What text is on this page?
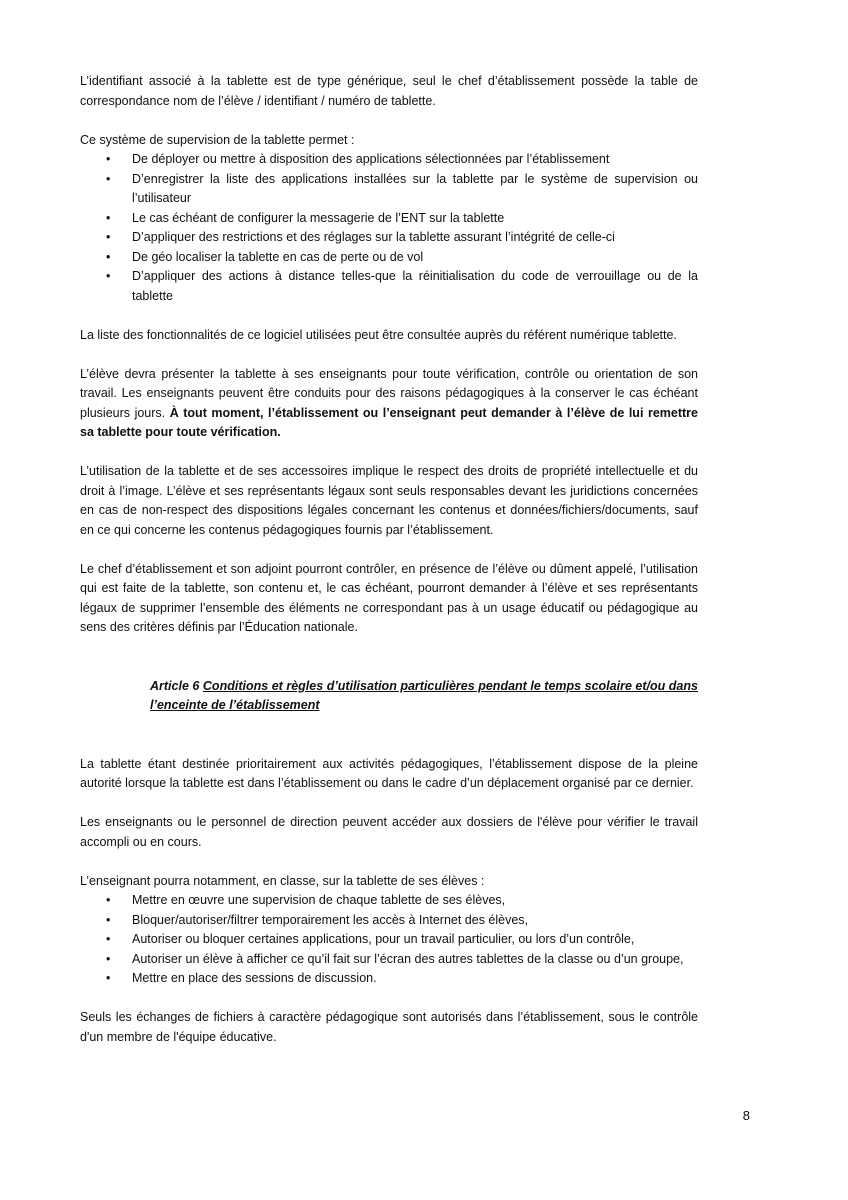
L’identifiant associé à la tablette est de type générique, seul le chef d’établissement possède la table de correspondance nom de l’élève / identifiant / numéro de tablette.

Ce système de supervision de la tablette permet :

• De déployer ou mettre à disposition des applications sélectionnées par l’établissement
• D’enregistrer la liste des applications installées sur la tablette par le système de supervision ou l’utilisateur
• Le cas échéant de configurer la messagerie de l’ENT sur la tablette
• D’appliquer des restrictions et des réglages sur la tablette assurant l’intégrité de celle-ci
• De géo localiser la tablette en cas de perte ou de vol
• D’appliquer des actions à distance telles-que la réinitialisation du code de verrouillage ou de la tablette

La liste des fonctionnalités de ce logiciel utilisées peut être consultée auprès du référent numérique tablette.

L’élève devra présenter la tablette à ses enseignants pour toute vérification, contrôle ou orientation de son travail. Les enseignants peuvent être conduits pour des raisons pédagogiques à la conserver le cas échéant plusieurs jours. À tout moment, l’établissement ou l’enseignant peut demander à l’élève de lui remettre sa tablette pour toute vérification.

L’utilisation de la tablette et de ses accessoires implique le respect des droits de propriété intellectuelle et du droit à l’image. L’élève et ses représentants légaux sont seuls responsables devant les juridictions concernées en cas de non-respect des dispositions légales concernant les contenus et données/fichiers/documents, sauf en ce qui concerne les contenus pédagogiques fournis par l’établissement.

Le chef d’établissement et son adjoint pourront contrôler, en présence de l’élève ou dûment appelé, l’utilisation qui est faite de la tablette, son contenu et, le cas échéant, pourront demander à l’élève et ses représentants légaux de supprimer l’ensemble des éléments ne correspondant pas à un usage éducatif ou pédagogique au sens des critères définis par l’Éducation nationale.

Article 6 Conditions et règles d’utilisation particulières pendant le temps scolaire et/ou dans l’enceinte de l’établissement

La tablette étant destinée prioritairement aux activités pédagogiques, l’établissement dispose de la pleine autorité lorsque la tablette est dans l’établissement ou dans le cadre d’un déplacement organisé par ce dernier.

Les enseignants ou le personnel de direction peuvent accéder aux dossiers de l'élève pour vérifier le travail accompli ou en cours.

L’enseignant pourra notamment, en classe, sur la tablette de ses élèves :

• Mettre en œuvre une supervision de chaque tablette de ses élèves,
• Bloquer/autoriser/filtrer temporairement les accès à Internet des élèves,
• Autoriser ou bloquer certaines applications, pour un travail particulier, ou lors d’un contrôle,
• Autoriser un élève à afficher ce qu’il fait sur l’écran des autres tablettes de la classe ou d’un groupe,
• Mettre en place des sessions de discussion.

Seuls les échanges de fichiers à caractère pédagogique sont autorisés dans l’établissement, sous le contrôle d'un membre de l'équipe éducative.

8
